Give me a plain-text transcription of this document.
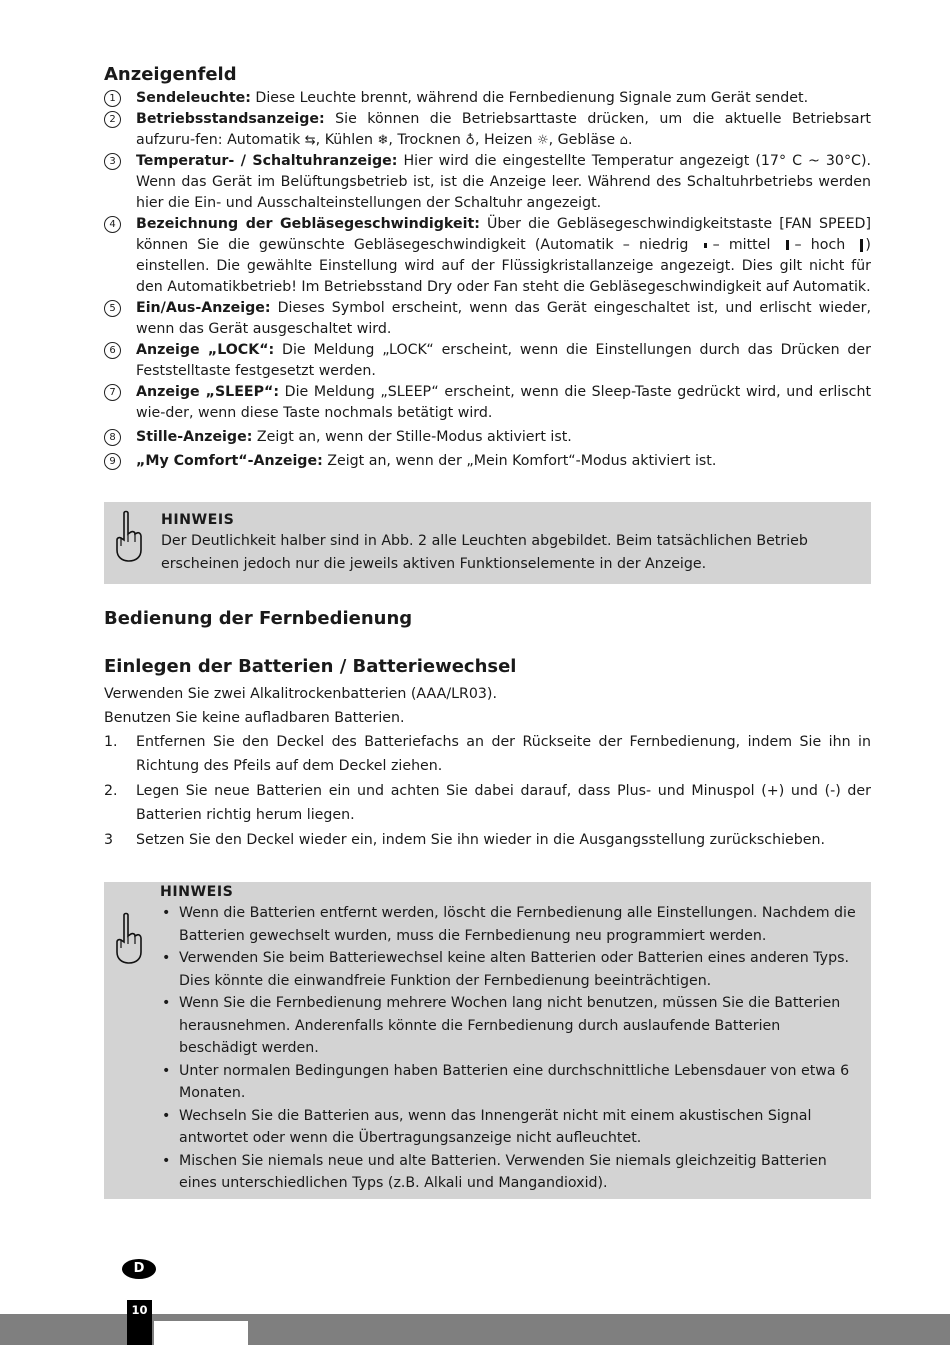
Anzeigenfeld
1	Sendeleuchte: Diese Leuchte brennt, während die Fernbedienung Signale zum Gerät sendet.
2	Betriebsstandsanzeige: Sie können die Betriebsarttaste drücken, um die aktuelle Betriebsart aufzuru-fen: Automatik ⇆, Kühlen ❄, Trocknen ♁, Heizen ☼, Gebläse ⌂.
3	Temperatur- / Schaltuhranzeige: Hier wird die eingestellte Temperatur angezeigt (17° C ~ 30°C). Wenn das Gerät im Belüftungsbetrieb ist, ist die Anzeige leer. Während des Schaltuhrbetriebs werden hier die Ein- und Ausschalteinstellungen der Schaltuhr angezeigt.
4	Bezeichnung der Gebläsegeschwindigkeit: Über die Gebläsegeschwindigkeitstaste [FAN SPEED] können Sie die gewünschte Gebläsegeschwindigkeit (Automatik – niedrig – mittel – hoch ) einstellen. Die gewählte Einstellung wird auf der Flüssigkristallanzeige angezeigt. Dies gilt nicht für den Automatikbetrieb! Im Betriebsstand Dry oder Fan steht die Gebläsegeschwindigkeit auf Automatik.
5	Ein/Aus-Anzeige: Dieses Symbol erscheint, wenn das Gerät eingeschaltet ist, und erlischt wieder, wenn das Gerät ausgeschaltet wird.
6	Anzeige „LOCK“: Die Meldung „LOCK“ erscheint, wenn die Einstellungen durch das Drücken der Feststelltaste festgesetzt werden.
7	Anzeige „SLEEP“: Die Meldung „SLEEP“ erscheint, wenn die Sleep-Taste gedrückt wird, und erlischt wie-der, wenn diese Taste nochmals betätigt wird.
8	Stille-Anzeige: Zeigt an, wenn der Stille-Modus aktiviert ist.
9	„My Comfort“-Anzeige: Zeigt an, wenn der „Mein Komfort“-Modus aktiviert ist.
HINWEIS

Der Deutlichkeit halber sind in Abb. 2 alle Leuchten abgebildet. Beim tatsächlichen Betrieb erscheinen jedoch nur die jeweils aktiven Funktionselemente in der Anzeige.

Bedienung der Fernbedienung
Einlegen der Batterien / Batteriewechsel

Verwenden Sie zwei Alkalitrockenbatterien (AAA/LR03).

Benutzen Sie keine aufladbaren Batterien.

1. Entfernen Sie den Deckel des Batteriefachs an der Rückseite der Fernbedienung, indem Sie ihn in Richtung des Pfeils auf dem Deckel ziehen.
2. Legen Sie neue Batterien ein und achten Sie dabei darauf, dass Plus- und Minuspol (+) und (-) der Batterien richtig herum liegen.
3 Setzen Sie den Deckel wieder ein, indem Sie ihn wieder in die Ausgangsstellung zurückschieben.
HINWEIS
• Wenn die Batterien entfernt werden, löscht die Fernbedienung alle Einstellungen. Nachdem die Batterien gewechselt wurden, muss die Fernbedienung neu programmiert werden.
• Verwenden Sie beim Batteriewechsel keine alten Batterien oder Batterien eines anderen Typs. Dies könnte die einwandfreie Funktion der Fernbedienung beeinträchtigen.
• Wenn Sie die Fernbedienung mehrere Wochen lang nicht benutzen, müssen Sie die Batterien herausnehmen. Anderenfalls könnte die Fernbedienung durch auslaufende Batterien beschädigt werden.
• Unter normalen Bedingungen haben Batterien eine durchschnittliche Lebensdauer von etwa 6 Monaten.
• Wechseln Sie die Batterien aus, wenn das Innengerät nicht mit einem akustischen Signal antwortet oder wenn die Übertragungsanzeige nicht aufleuchtet.
• Mischen Sie niemals neue und alte Batterien. Verwenden Sie niemals gleichzeitig Batterien eines unterschiedlichen Typs (z.B. Alkali und Mangandioxid).
D
10
